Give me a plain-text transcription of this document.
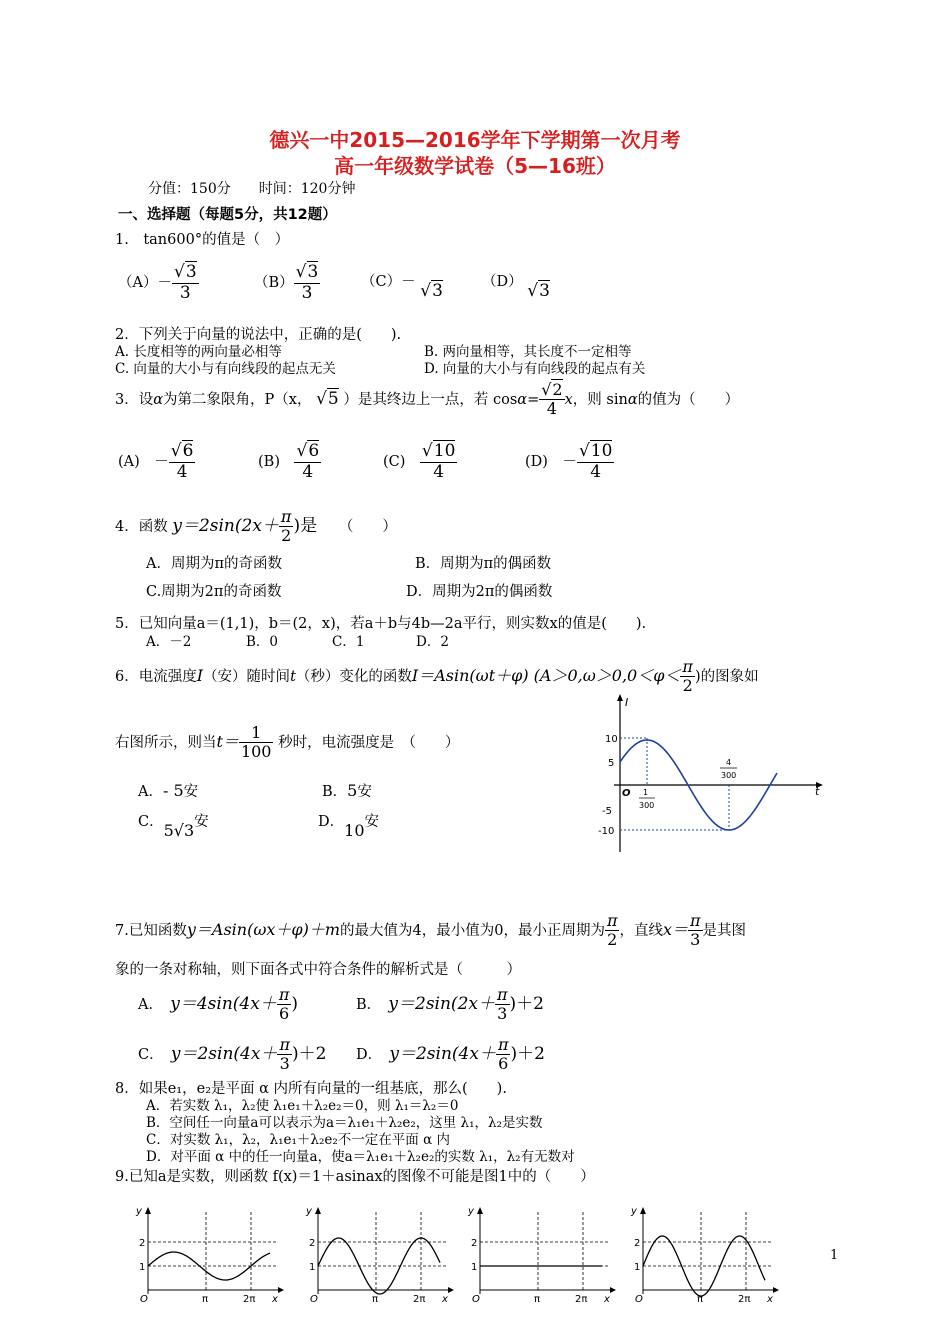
德兴一中2015—2016学年下学期第一次月考
高一年级数学试卷（5—16班）
分值：150分　　时间：120分钟
一、选择题（每题5分，共12题）
1.　tan600°的值是（　）
$(A)- \frac{√3}{3}$	$(B) \frac{√3}{3}$	（C）－ √3	（D） √3
2．下列关于向量的说法中，正确的是(　　).
A. 长度相等的两向量必相等	B. 两向量相等，其长度不一定相等
C. 向量的大小与有向线段的起点无关	D. 向量的大小与有向线段的起点有关
3．设α为第二象限角，P（x， √5 ）是其终边上一点，若 $\cos\alpha= \frac{√2}{4}$ x，则 sinα的值为（　　）
(A)　 － $\frac{√6}{4}$	(B)　 $\frac{√6}{4}$	(C)　 $\frac{√10}{4}$	(D)　 － $\frac{√10}{4}$
4．函数 $y=2\sin(2x+ \frac{\pi}{2}$ )是　　 （　　）
A．周期为π的奇函数	B．周期为π的偶函数
C.周期为2π的奇函数	D．周期为2π的偶函数
5．已知向量a＝(1,1)，b＝(2，x)，若a＋b与4b—2a平行，则实数x的值是(　　).
A．－2	B．0	C．1	D．2
6．电流强度I（安）随时间t（秒）变化的函数I＝Asin(ωt＋φ) ($A>0,\omega>0,0<\varphi< \frac{\pi}{2}$ )的图象如
右图所示，则当$t= \frac{1}{100}$ 秒时，电流强度是　（　　）
A．- 5安	B．5安
C．5√3安	D．10安
I
t
10
5
-5
-10
O 1
300
4
300
7.已知函数y＝Asin(ωx＋φ)＋m的最大值为4，最小值为0，最小正周期为 $\frac{\pi}{2}$ ，直线$x= \frac{\pi}{3}$ 是其图
象的一条对称轴，则下面各式中符合条件的解析式是（　　　）
A．　 $y=4\sin(4x+ \frac{\pi}{6}$ )	B．　 $y=2\sin(2x+ \frac{\pi}{3} )+2$
C．　 $y=2\sin(4x+ \frac{\pi}{3} )+2$ D．　 $y=2\sin(4x+ \frac{\pi}{6} )+2$
8．如果e₁，e₂是平面 α 内所有向量的一组基底，那么(　　).
A．若实数 λ₁，λ₂使 λ₁e₁＋λ₂e₂＝0，则 λ₁＝λ₂＝0
B．空间任一向量a可以表示为a＝λ₁e₁＋λ₂e₂，这里 λ₁，λ₂是实数
C．对实数 λ₁，λ₂，λ₁e₁＋λ₂e₂不一定在平面 α 内
D．对平面 α 中的任一向量a，使a＝λ₁e₁＋λ₂e₂的实数 λ₁，λ₂有无数对
9.已知a是实数，则函数 f(x)＝1＋asinax的图像不可能是图1中的（　　）
y
2
1
O	π	2π x
y
2
1
O	π	2π x
y
2
1
O	π	2π x
y
2
1
O	π	2π x
1
